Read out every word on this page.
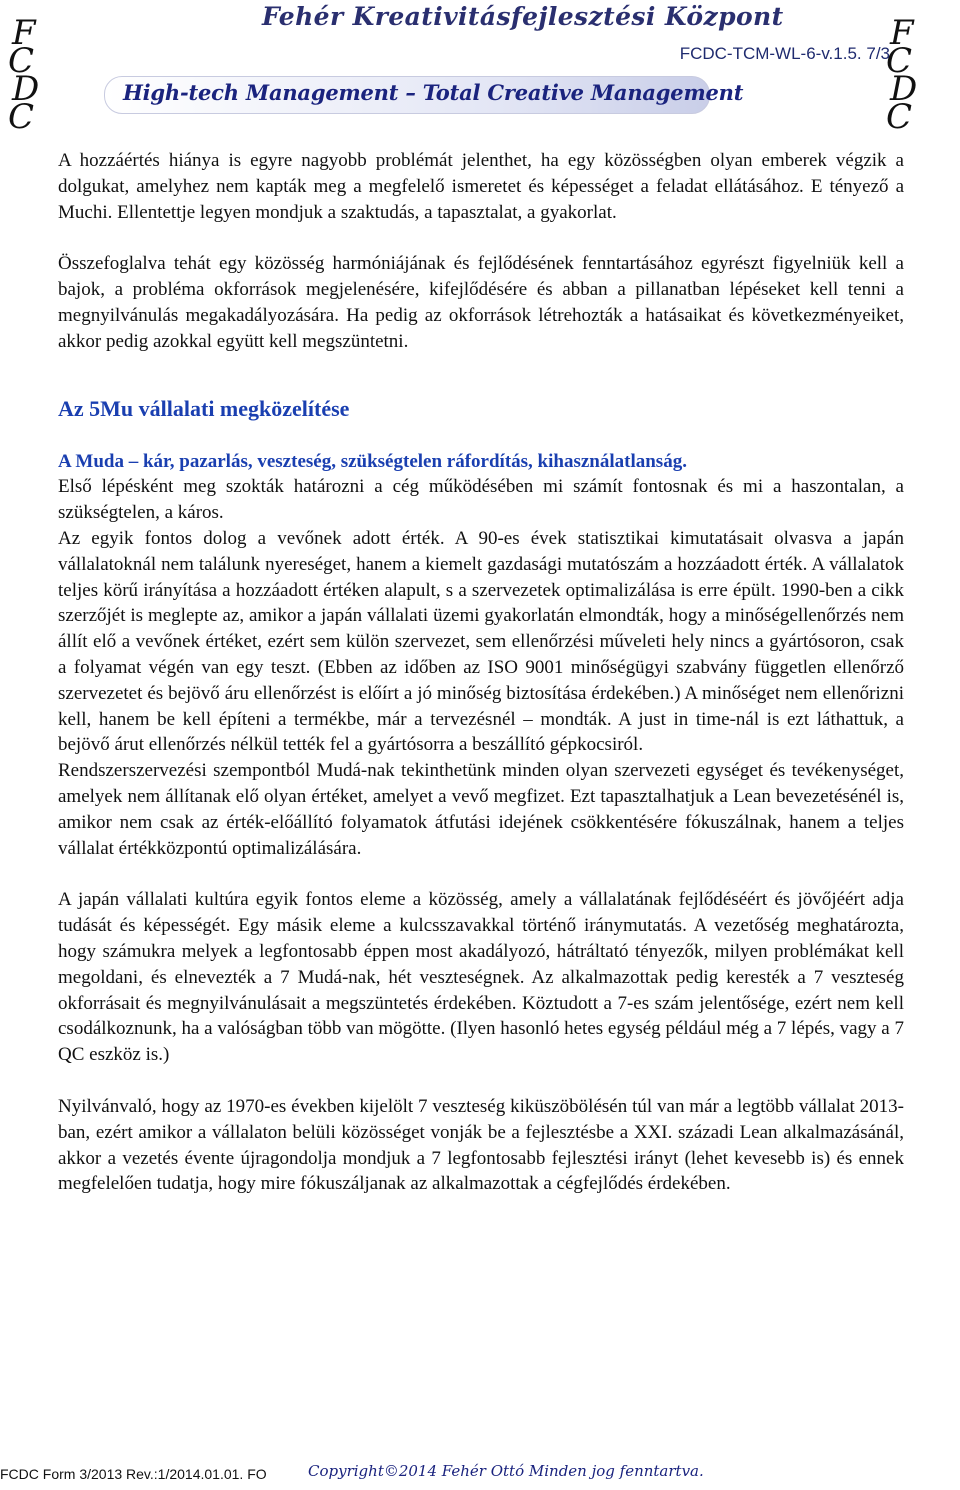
F
C
D
C
F
C
D
C
Fehér Kreativitásfejlesztési Központ
FCDC-TCM-WL-6-v.1.5. 7/3
High-tech Management – Total Creative Management

A hozzáértés hiánya is egyre nagyobb problémát jelenthet, ha egy közösségben olyan emberek végzik a dolgukat, amelyhez nem kapták meg a megfelelő ismeretet és képességet a feladat ellátásához. E tényező a Muchi. Ellentettje legyen mondjuk a szaktudás, a tapasztalat, a gyakorlat.

Összefoglalva tehát egy közösség harmóniájának és fejlődésének fenntartásához egyrészt figyelniük kell a bajok, a probléma okforrások megjelenésére, kifejlődésére és abban a pillanatban lépéseket kell tenni a megnyilvánulás megakadályozására. Ha pedig az okforrások létrehozták a hatásaikat és következményeiket, akkor pedig azokkal együtt kell megszüntetni.

Az 5Mu vállalati megközelítése

A Muda – kár, pazarlás, veszteség, szükségtelen ráfordítás, kihasználatlanság.

Első lépésként meg szokták határozni a cég működésében mi számít fontosnak és mi a haszontalan, a szükségtelen, a káros.

Az egyik fontos dolog a vevőnek adott érték. A 90-es évek statisztikai kimutatásait olvasva a japán vállalatoknál nem találunk nyereséget, hanem a kiemelt gazdasági mutatószám a hozzáadott érték. A vállalatok teljes körű irányítása a hozzáadott értéken alapult, s a szervezetek optimalizálása is erre épült. 1990-ben a cikk szerzőjét is meglepte az, amikor a japán vállalati üzemi gyakorlatán elmondták, hogy a minőségellenőrzés nem állít elő a vevőnek értéket, ezért sem külön szervezet, sem ellenőrzési műveleti hely nincs a gyártósoron, csak a folyamat végén van egy teszt. (Ebben az időben az ISO 9001 minőségügyi szabvány független ellenőrző szervezetet és bejövő áru ellenőrzést is előírt a jó minőség biztosítása érdekében.) A minőséget nem ellenőrizni kell, hanem be kell építeni a termékbe, már a tervezésnél – mondták. A just in time-nál is ezt láthattuk, a bejövő árut ellenőrzés nélkül tették fel a gyártósorra a beszállító gépkocsiról.

Rendszerszervezési szempontból Mudá-nak tekinthetünk minden olyan szervezeti egységet és tevékenységet, amelyek nem állítanak elő olyan értéket, amelyet a vevő megfizet. Ezt tapasztalhatjuk a Lean bevezetésénél is, amikor nem csak az érték-előállító folyamatok átfutási idejének csökkentésére fókuszálnak, hanem a teljes vállalat értékközpontú optimalizálására.

A japán vállalati kultúra egyik fontos eleme a közösség, amely a vállalatának fejlődéséért és jövőjéért adja tudását és képességét. Egy másik eleme a kulcsszavakkal történő iránymutatás. A vezetőség meghatározta, hogy számukra melyek a legfontosabb éppen most akadályozó, hátráltató tényezők, milyen problémákat kell megoldani, és elnevezték a 7 Mudá-nak, hét veszteségnek. Az alkalmazottak pedig keresték a 7 veszteség okforrásait és megnyilvánulásait a megszüntetés érdekében. Köztudott a 7-es szám jelentősége, ezért nem kell csodálkoznunk, ha a valóságban több van mögötte. (Ilyen hasonló hetes egység például még a 7 lépés, vagy a 7 QC eszköz is.)

Nyilvánvaló, hogy az 1970-es években kijelölt 7 veszteség kiküszöbölésén túl van már a legtöbb vállalat 2013-ban, ezért amikor a vállalaton belüli közösséget vonják be a fejlesztésbe a XXI. századi Lean alkalmazásánál, akkor a vezetés évente újragondolja mondjuk a 7 legfontosabb fejlesztési irányt (lehet kevesebb is) és ennek megfelelően tudatja, hogy mire fókuszáljanak az alkalmazottak a cégfejlődés érdekében.

FCDC Form 3/2013 Rev.:1/2014.01.01. FO	Copyright©2014 Fehér Ottó Minden jog fenntartva.
